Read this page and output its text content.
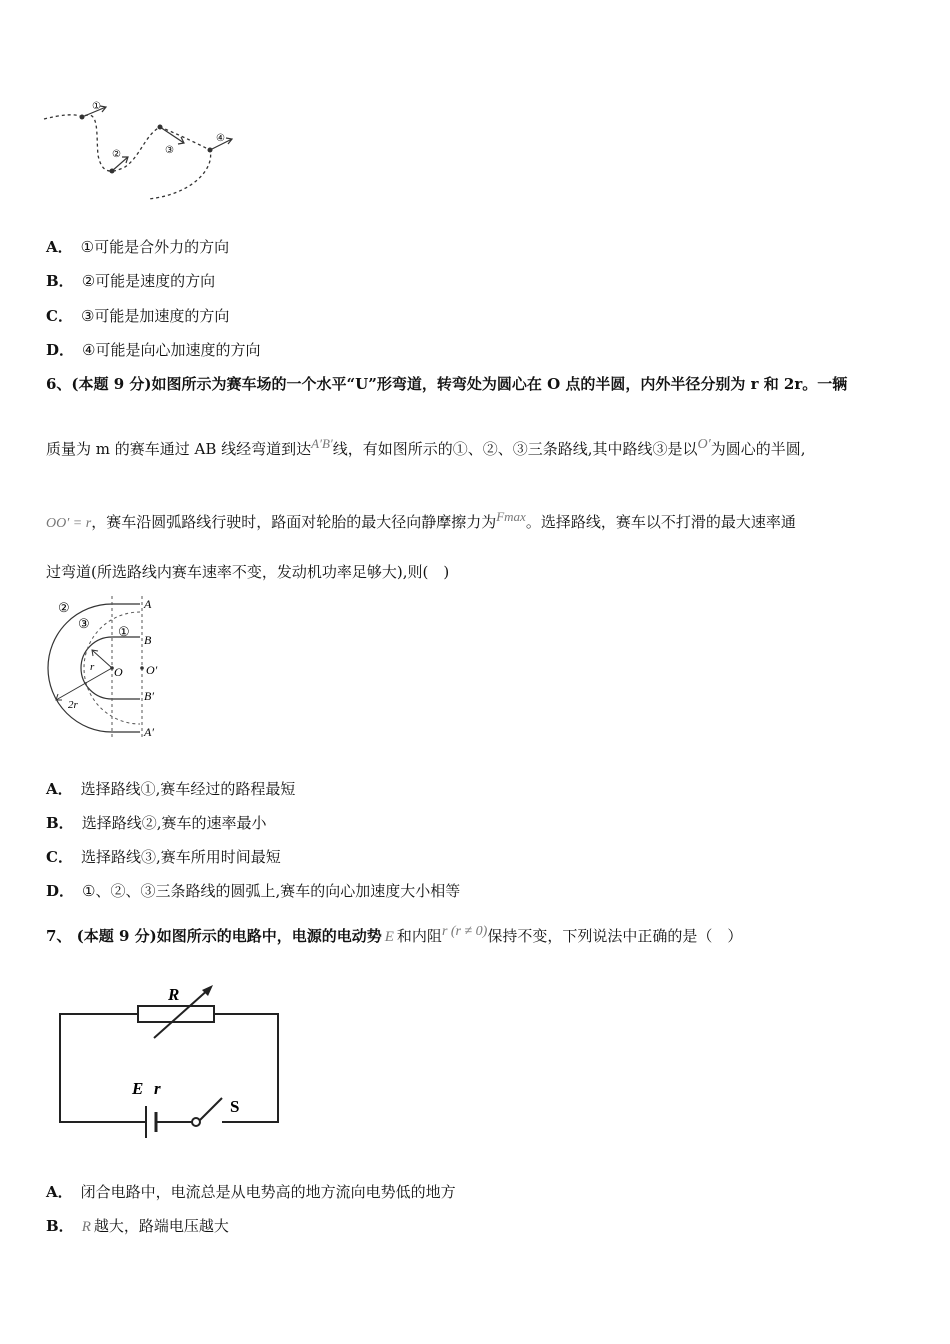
①
②	③
④
A． ①可能是合外力的方向
B． ②可能是速度的方向
C． ③可能是加速度的方向
D． ④可能是向心加速度的方向
6、(本题 9 分)如图所示为赛车场的一个水平“U”形弯道，转弯处为圆心在 O 点的半圆，内外半径分别为 r 和 2r。一辆
质量为 m 的赛车通过 AB 线经弯道到达$^{A'B'}$线，有如图所示的①、②、③三条路线,其中路线③是以$^{O'}$为圆心的半圆,
OO′ = r，赛车沿圆弧路线行驶时，路面对轮胎的最大径向静摩擦力为$^{Fmax}$。选择路线，赛车以不打滑的最大速率通
过弯道(所选路线内赛车速率不变，发动机功率足够大),则(　)
②
③
①
A
B
O O′
B′
A′
r
2r
A． 选择路线①,赛车经过的路程最短
B． 选择路线②,赛车的速率最小
C． 选择路线③,赛车所用时间最短
D． ①、②、③三条路线的圆弧上,赛车的向心加速度大小相等
7、 (本题 9 分)如图所示的电路中，电源的电动势 E 和内阻$^{r (r \ne 0)}$保持不变，下列说法中正确的是（　）
R
E r
S
A． 闭合电路中，电流总是从电势高的地方流向电势低的地方
B． R 越大，路端电压越大
